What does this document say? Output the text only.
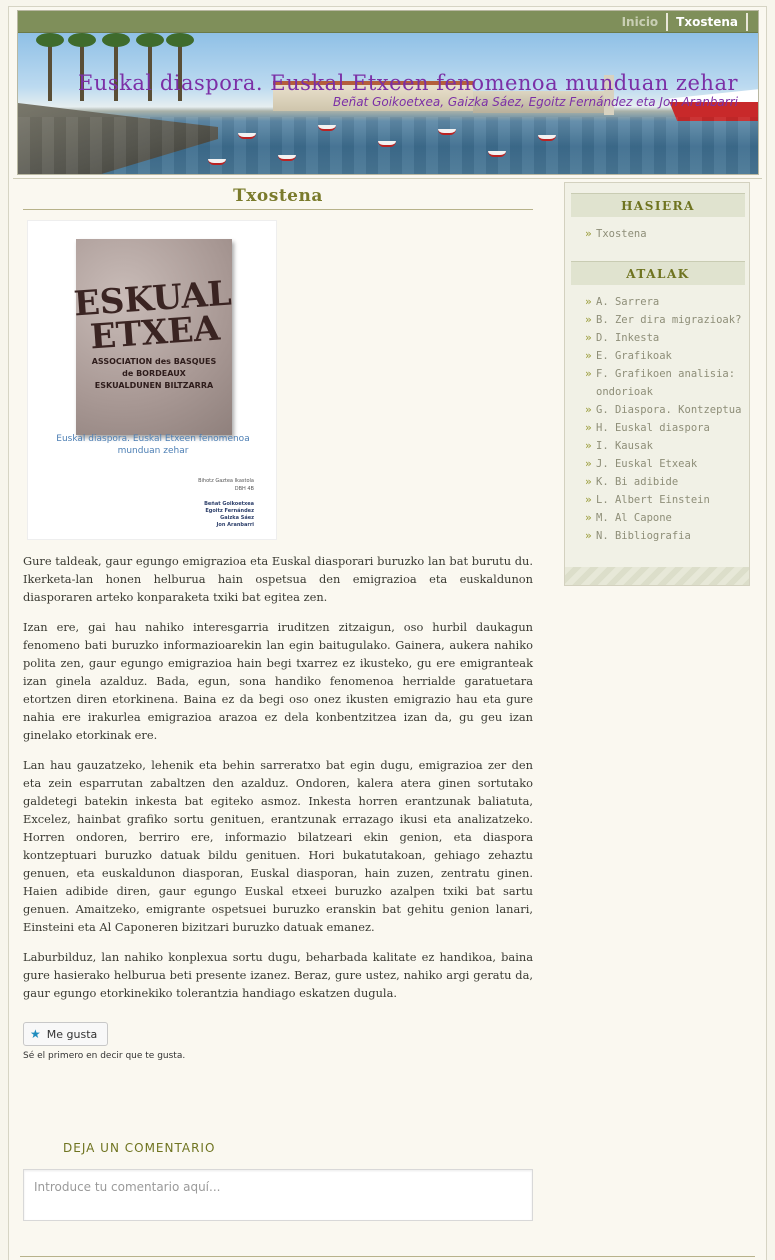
Euskal diaspora. Euskal Etxeen fenomenoa munduan zehar
Beñat Goikoetxea, Gaizka Sáez, Egoitz Fernández eta Jon Aranbarri
Inicio	Txostena
Txostena
ESKUAL ETXEA
ASSOCIATION des BASQUES
de BORDEAUX
ESKUALDUNEN BILTZARRA
Euskal diaspora. Euskal Etxeen fenomenoa munduan zehar
Bihotz Gaztea Ikastola
DBH 4B
Beñat Goikoetxea
Egoitz Fernández
Gaizka Sáez
Jon Aranbarri

Gure taldeak, gaur egungo emigrazioa eta Euskal diasporari buruzko lan bat burutu du. Ikerketa-lan honen helburua hain ospetsua den emigrazioa eta euskaldunon diasporaren arteko konparaketa txiki bat egitea zen.

Izan ere, gai hau nahiko interesgarria iruditzen zitzaigun, oso hurbil daukagun fenomeno bati buruzko informazioarekin lan egin baitugulako. Gainera, aukera nahiko polita zen, gaur egungo emigrazioa hain begi txarrez ez ikusteko, gu ere emigranteak izan ginela azalduz. Bada, egun, sona handiko fenomenoa herrialde garatuetara etortzen diren etorkinena. Baina ez da begi oso onez ikusten emigrazio hau eta gure nahia ere irakurlea emigrazioa arazoa ez dela konbentzitzea izan da, gu geu izan ginelako etorkinak ere.

Lan hau gauzatzeko, lehenik eta behin sarreratxo bat egin dugu, emigrazioa zer den eta zein esparrutan zabaltzen den azalduz. Ondoren, kalera atera ginen sortutako galdetegi batekin inkesta bat egiteko asmoz. Inkesta horren erantzunak baliatuta, Excelez, hainbat grafiko sortu genituen, erantzunak errazago ikusi eta analizatzeko. Horren ondoren, berriro ere, informazio bilatzeari ekin genion, eta diaspora kontzeptuari buruzko datuak bildu genituen. Hori bukatutakoan, gehiago zehaztu genuen, eta euskaldunon diasporan, Euskal diasporan, hain zuzen, zentratu ginen. Haien adibide diren, gaur egungo Euskal etxeei buruzko azalpen txiki bat sartu genuen. Amaitzeko, emigrante ospetsuei buruzko eranskin bat gehitu genion lanari, Einsteini eta Al Caponeren bizitzari buruzko datuak emanez.

Laburbilduz, lan nahiko konplexua sortu dugu, beharbada kalitate ez handikoa, baina gure hasierako helburua beti presente izanez. Beraz, gure ustez, nahiko argi geratu da, gaur egungo etorkinekiko tolerantzia handiago eskatzen dugula.

★ Me gusta
Sé el primero en decir que te gusta.
DEJA UN COMENTARIO
Introduce tu comentario aquí...
HASIERA
» Txostena
ATALAK
» A. Sarrera
» B. Zer dira migrazioak?
» D. Inkesta
» E. Grafikoak
» F. Grafikoen analisia: ondorioak
» G. Diaspora. Kontzeptua
» H. Euskal diaspora
» I. Kausak
» J. Euskal Etxeak
» K. Bi adibide
» L. Albert Einstein
» M. Al Capone
» N. Bibliografia
